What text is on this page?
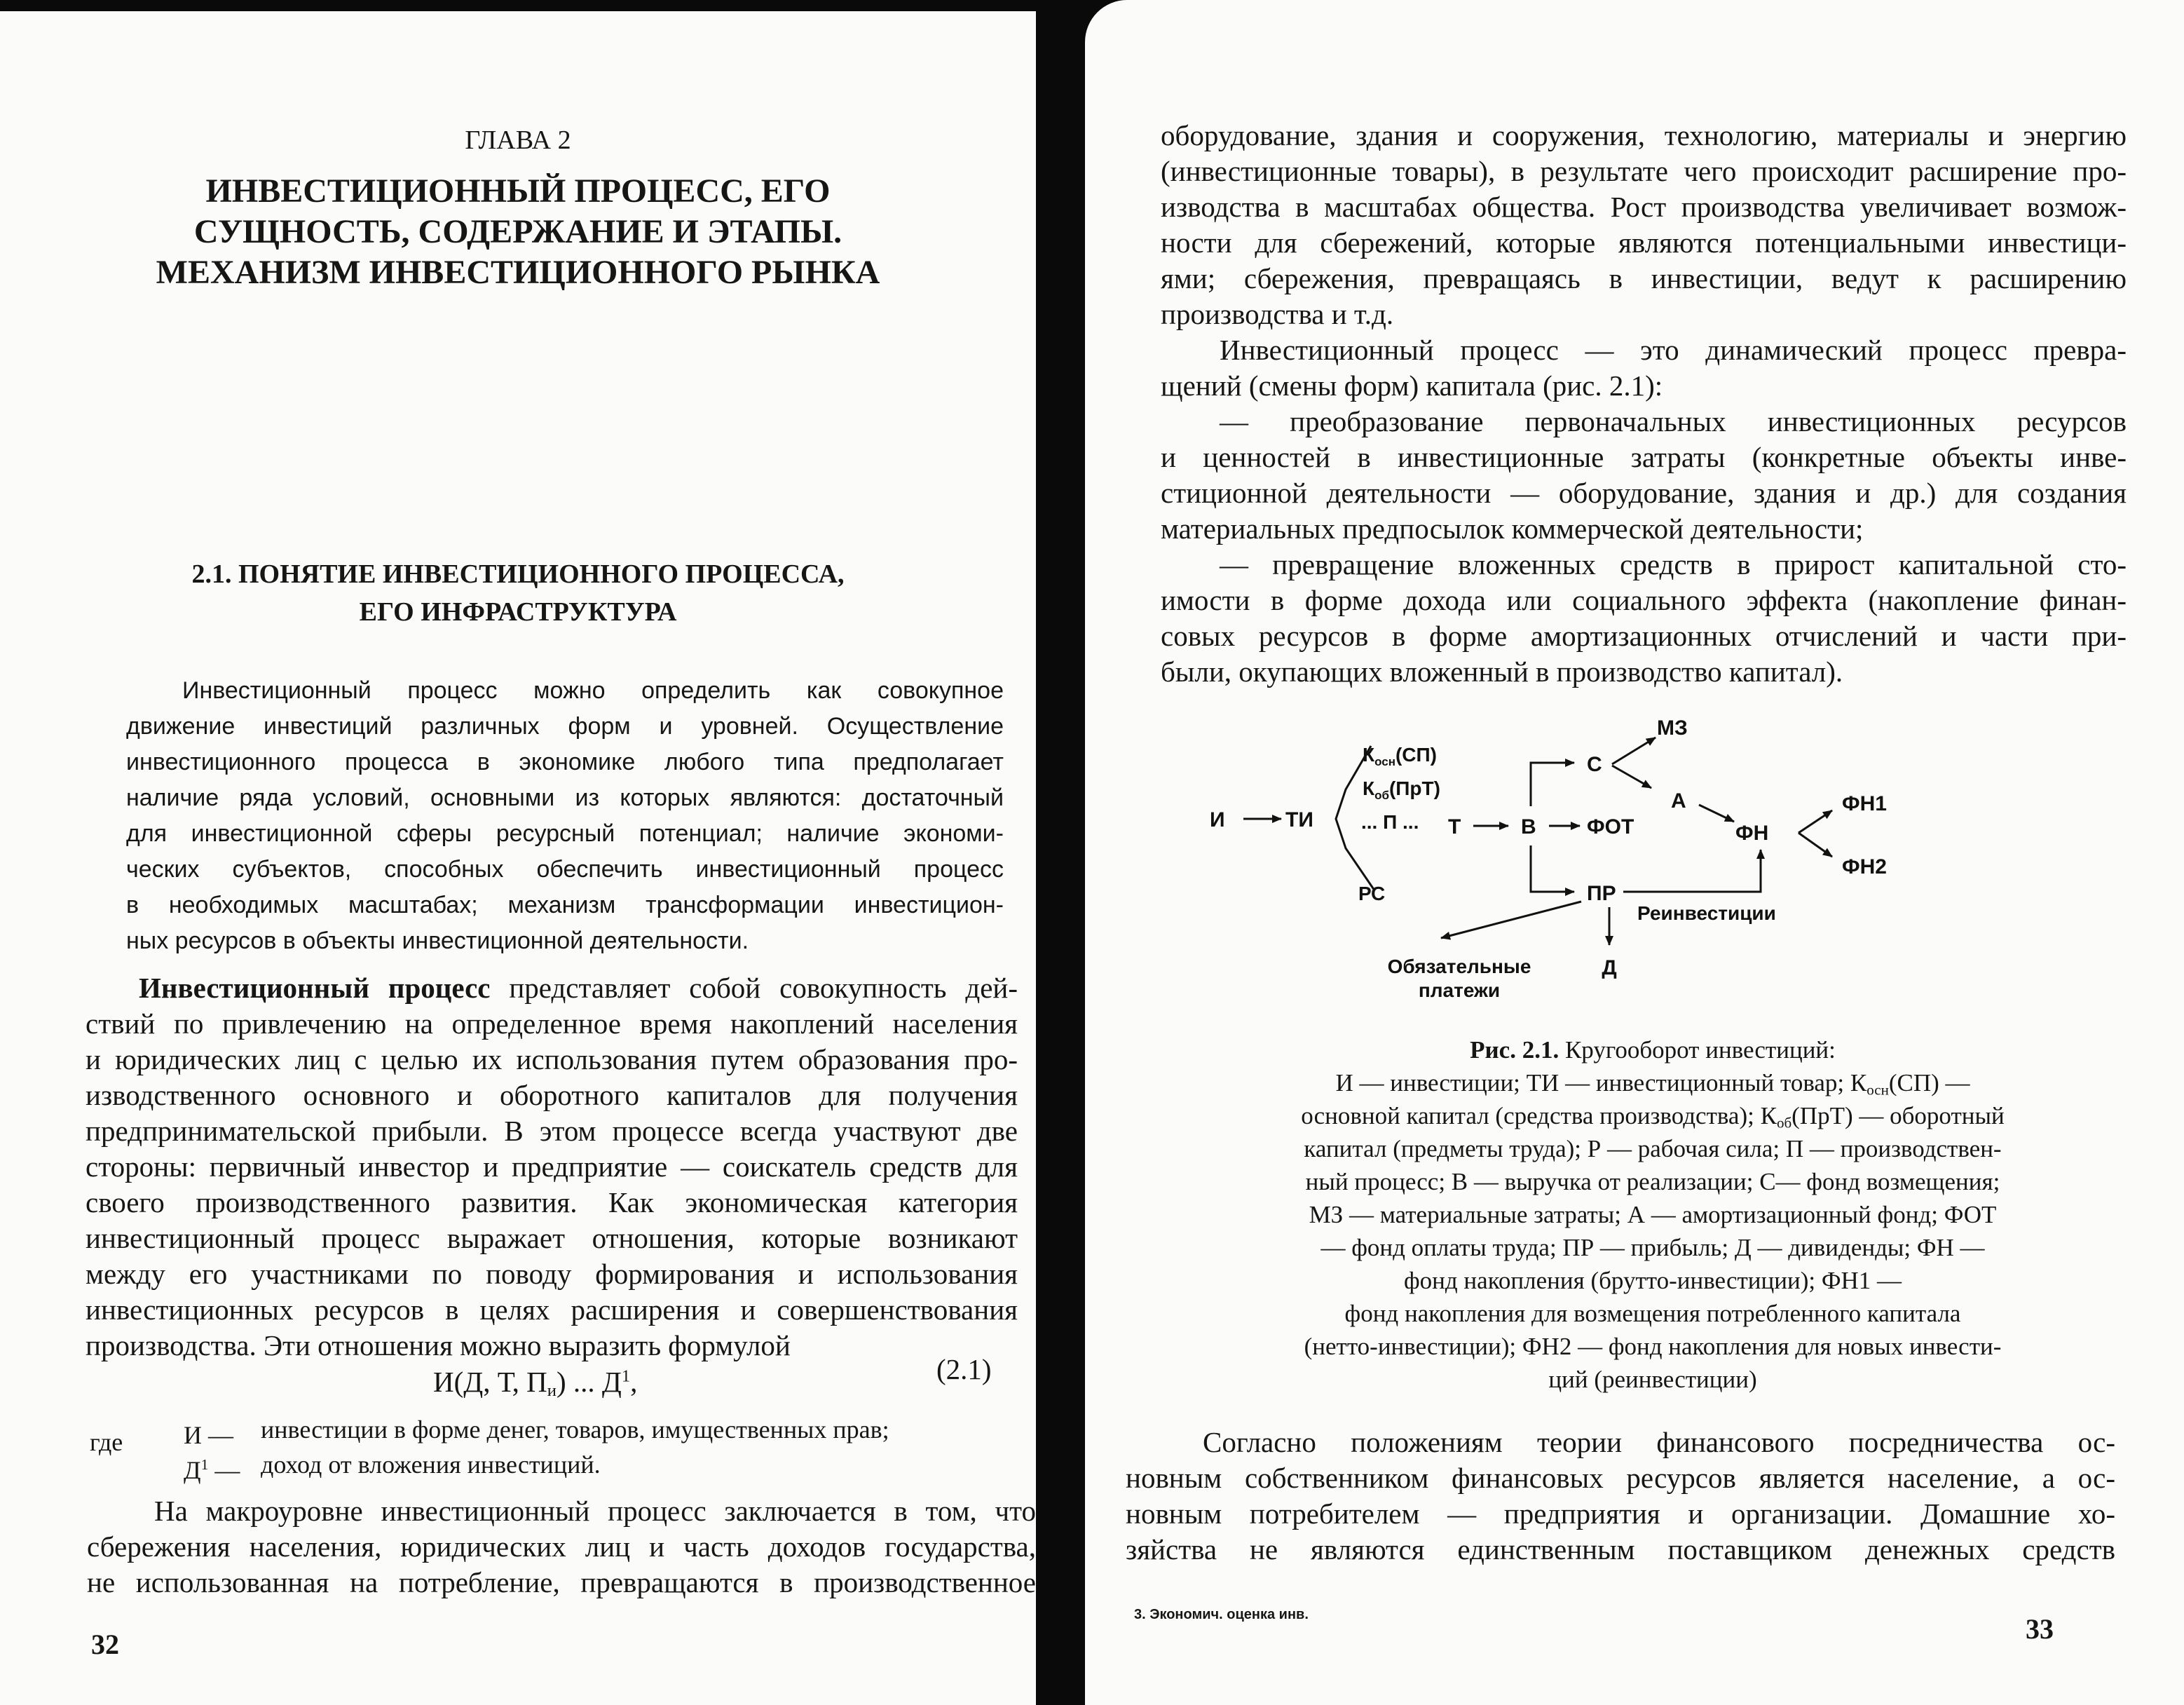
ГЛАВА 2

ИНВЕСТИЦИОННЫЙ ПРОЦЕСС, ЕГО
СУЩНОСТЬ, СОДЕРЖАНИЕ И ЭТАПЫ.
МЕХАНИЗМ ИНВЕСТИЦИОННОГО РЫНКА
2.1. ПОНЯТИЕ ИНВЕСТИЦИОННОГО ПРОЦЕССА,
ЕГО ИНФРАСТРУКТУРА
Инвестиционный процесс можно определить как совокупное
движение инвестиций различных форм и уровней. Осуществление
инвестиционного процесса в экономике любого типа предполагает
наличие ряда условий, основными из которых являются: достаточный
для инвестиционной сферы ресурсный потенциал; наличие экономи-
ческих субъектов, способных обеспечить инвестиционный процесс
в необходимых масштабах; механизм трансформации инвестицион-
ных ресурсов в объекты инвестиционной деятельности.
Инвестиционный процесс представляет собой совокупность дей-
ствий по привлечению на определенное время накоплений населения
и юридических лиц с целью их использования путем образования про-
изводственного основного и оборотного капиталов для получения
предпринимательской прибыли. В этом процессе всегда участвуют две
стороны: первичный инвестор и предприятие — соискатель средств для
своего производственного развития. Как экономическая категория
инвестиционный процесс выражает отношения, которые возникают
между его участниками по поводу формирования и использования
инвестиционных ресурсов в целях расширения и совершенствования
производства. Эти отношения можно выразить формулой
И(Д, Т, $П_и$) ... $Д^1$,	(2.1)
где И — инвестиции в форме денег, товаров, имущественных прав;
$Д^1$ — доход от вложения инвестиций.
На макроуровне инвестиционный процесс заключается в том, что
сбережения населения, юридических лиц и часть доходов государства,
не использованная на потребление, превращаются в производственное
32
оборудование, здания и сооружения, технологию, материалы и энергию
(инвестиционные товары), в результате чего происходит расширение про-
изводства в масштабах общества. Рост производства увеличивает возмож-
ности для сбережений, которые являются потенциальными инвестици-
ями; сбережения, превращаясь в инвестиции, ведут к расширению
производства и т.д.
Инвестиционный процесс — это динамический процесс превра-
щений (смены форм) капитала (рис. 2.1):
— преобразование первоначальных инвестиционных ресурсов
и ценностей в инвестиционные затраты (конкретные объекты инве-
стиционной деятельности — оборудование, здания и др.) для создания
материальных предпосылок коммерческой деятельности;
— превращение вложенных средств в прирост капитальной сто-
имости в форме дохода или социального эффекта (накопление финан-
совых ресурсов в форме амортизационных отчислений и части при-
были, окупающих вложенный в производство капитал).
И	ТИ
$К_{осн}(СП)$
$К_{об}(ПрТ)$
... П ...
РС
Т	В ФОТ
С
МЗ
А
ФН
ФН1
ФН2
ПР
Реинвестиции
Обязательные
платежи
Д
Рис. 2.1. Кругооборот инвестиций:
И — инвестиции; ТИ — инвестиционный товар; $К_{осн}(СП)$ —
основной капитал (средства производства); $К_{об}(ПрТ)$ — оборотный
капитал (предметы труда); Р — рабочая сила; П — производствен-
ный процесс; В — выручка от реализации; С— фонд возмещения;
МЗ — материальные затраты; А — амортизационный фонд; ФОТ
— фонд оплаты труда; ПР — прибыль; Д — дивиденды; ФН —
фонд накопления (брутто-инвестиции); ФН1 —
фонд накопления для возмещения потребленного капитала
(нетто-инвестиции); ФН2 — фонд накопления для новых инвести-
ций (реинвестиции)
Согласно положениям теории финансового посредничества ос-
новным собственником финансовых ресурсов является население, а ос-
новным потребителем — предприятия и организации. Домашние хо-
зяйства не являются единственным поставщиком денежных средств
3. Экономич. оценка инв.	33
